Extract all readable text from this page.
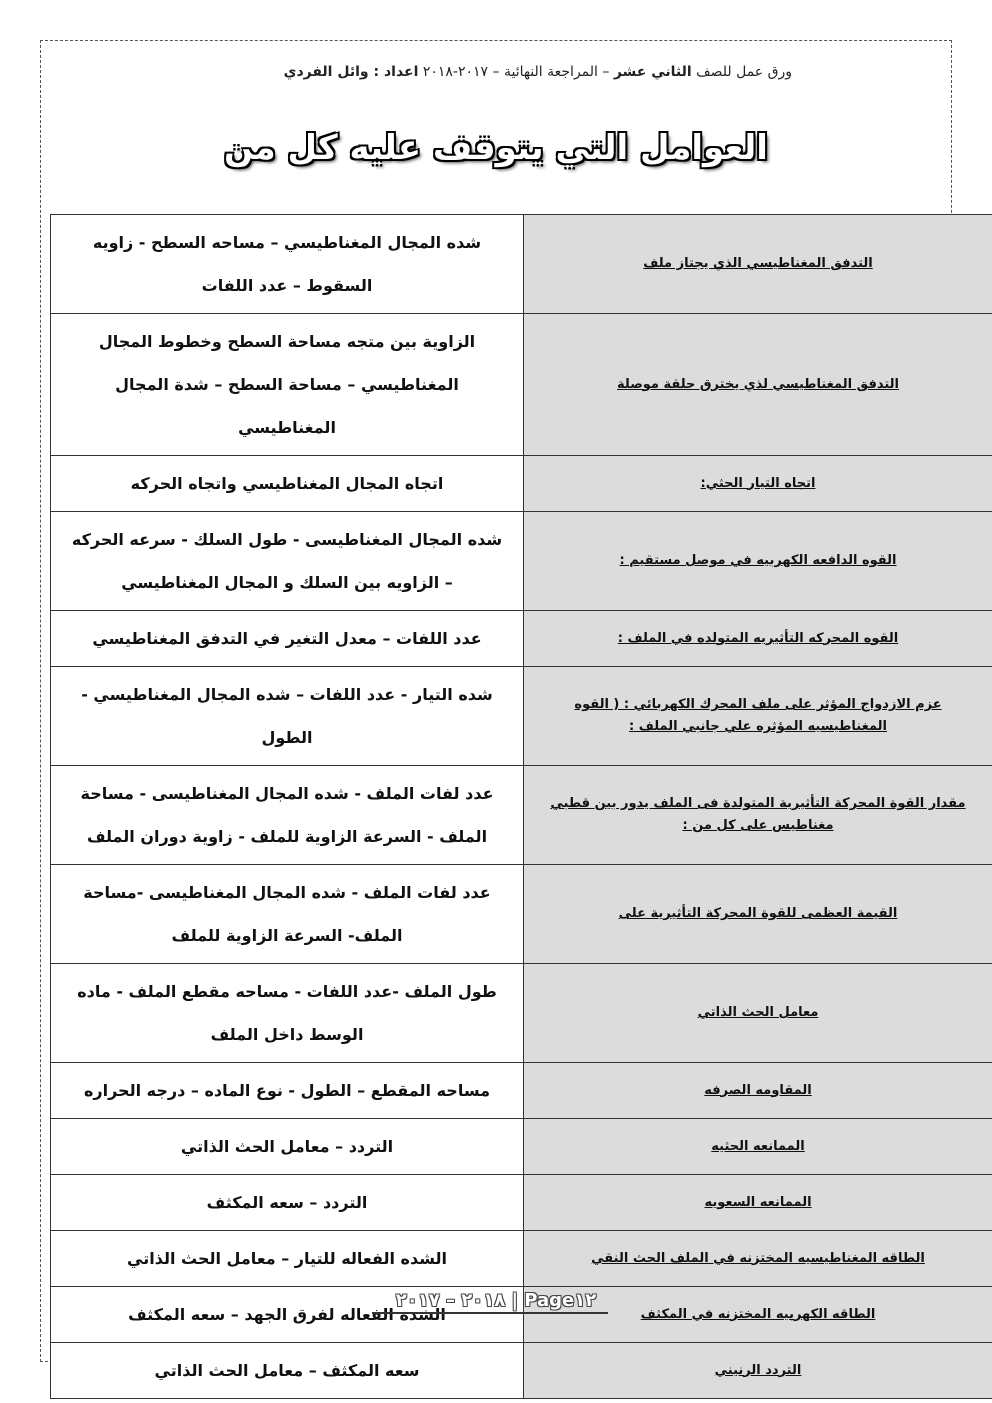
ورق عمل للصف الثاني عشر – المراجعة النهائية – ٢٠١٧-٢٠١٨ اعداد : وائل الفردي
العوامل التي يتوقف عليه كل من
التدفق المغناطيسي الذي يجتاز ملف	شده المجال المغناطيسي – مساحه السطح - زاويه السقوط – عدد اللفات
التدفق المغناطيسي لذي يخترق حلقة موصلة	الزاوية بين متجه مساحة السطح وخطوط المجال المغناطيسي – مساحة السطح – شدة المجال المغناطيسي
اتجاه التيار الحثي:	اتجاه المجال المغناطيسي واتجاه الحركه
القوه الدافعه الكهربيه في موصل مستقيم :	شده المجال المغناطيسى - طول السلك - سرعه الحركه – الزاويه بين السلك و المجال المغناطيسي
القوه المحركه التأثيريه المتولده في الملف :	عدد اللفات – معدل التغير في التدفق المغناطيسي
عزم الازدواج المؤثر على ملف المحرك الكهربائي : ( القوه المغناطيسيه المؤثره علي جانبي الملف :	شده التيار - عدد اللفات – شده المجال المغناطيسي - الطول
مقدار القوة المحركة التأثيرية المتولدة فى الملف يدور بين قطبي مغناطيس على كل من :	عدد لفات الملف - شده المجال المغناطيسى - مساحة الملف - السرعة الزاوية للملف - زاوية دوران الملف
القيمة العظمى للقوة المحركة التأثيرية على	عدد لفات الملف - شده المجال المغناطيسى -مساحة الملف- السرعة الزاوية للملف
معامل الحث الذاتي	طول الملف -عدد اللفات - مساحه مقطع الملف - ماده الوسط داخل الملف
المقاومه الصرفه	مساحه المقطع – الطول - نوع الماده – درجه الحراره
الممانعه الحثيه	التردد – معامل الحث الذاتي
الممانعه السعويه	التردد – سعه المكثف
الطاقه المغناطيسيه المختزنه في الملف الحث النقي	الشده الفعاله للتيار – معامل الحث الذاتي
الطاقه الكهربيه المختزنه في المكثف	الشده الفعاله لفرق الجهد – سعه المكثف
التردد الرنيني	سعه المكثف – معامل الحث الذاتي
٢٠١٨ – ٢٠١٧ | Page١٢
